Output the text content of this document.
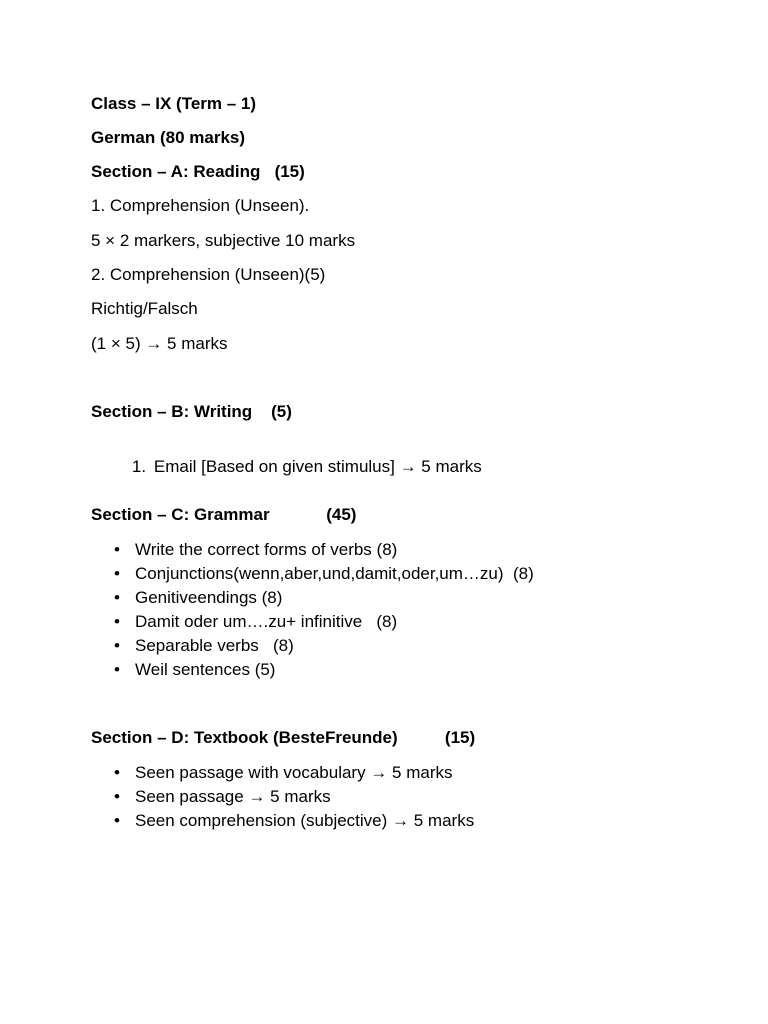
Class – IX (Term – 1)

German (80 marks)

Section – A: Reading   (15)

1. Comprehension (Unseen).

5 × 2 markers, subjective 10 marks

2. Comprehension (Unseen)(5)

Richtig/Falsch

(1 × 5) → 5 marks

Section – B: Writing    (5)

1. Email [Based on given stimulus] → 5 marks

Section – C: Grammar            (45)

• Write the correct forms of verbs (8)
• Conjunctions(wenn,aber,und,damit,oder,um…zu)  (8)
• Genitiveendings (8)
• Damit oder um….zu+ infinitive   (8)
• Separable verbs   (8)
• Weil sentences (5)

Section – D: Textbook (BesteFreunde)          (15)

• Seen passage with vocabulary → 5 marks
• Seen passage → 5 marks
• Seen comprehension (subjective) → 5 marks
